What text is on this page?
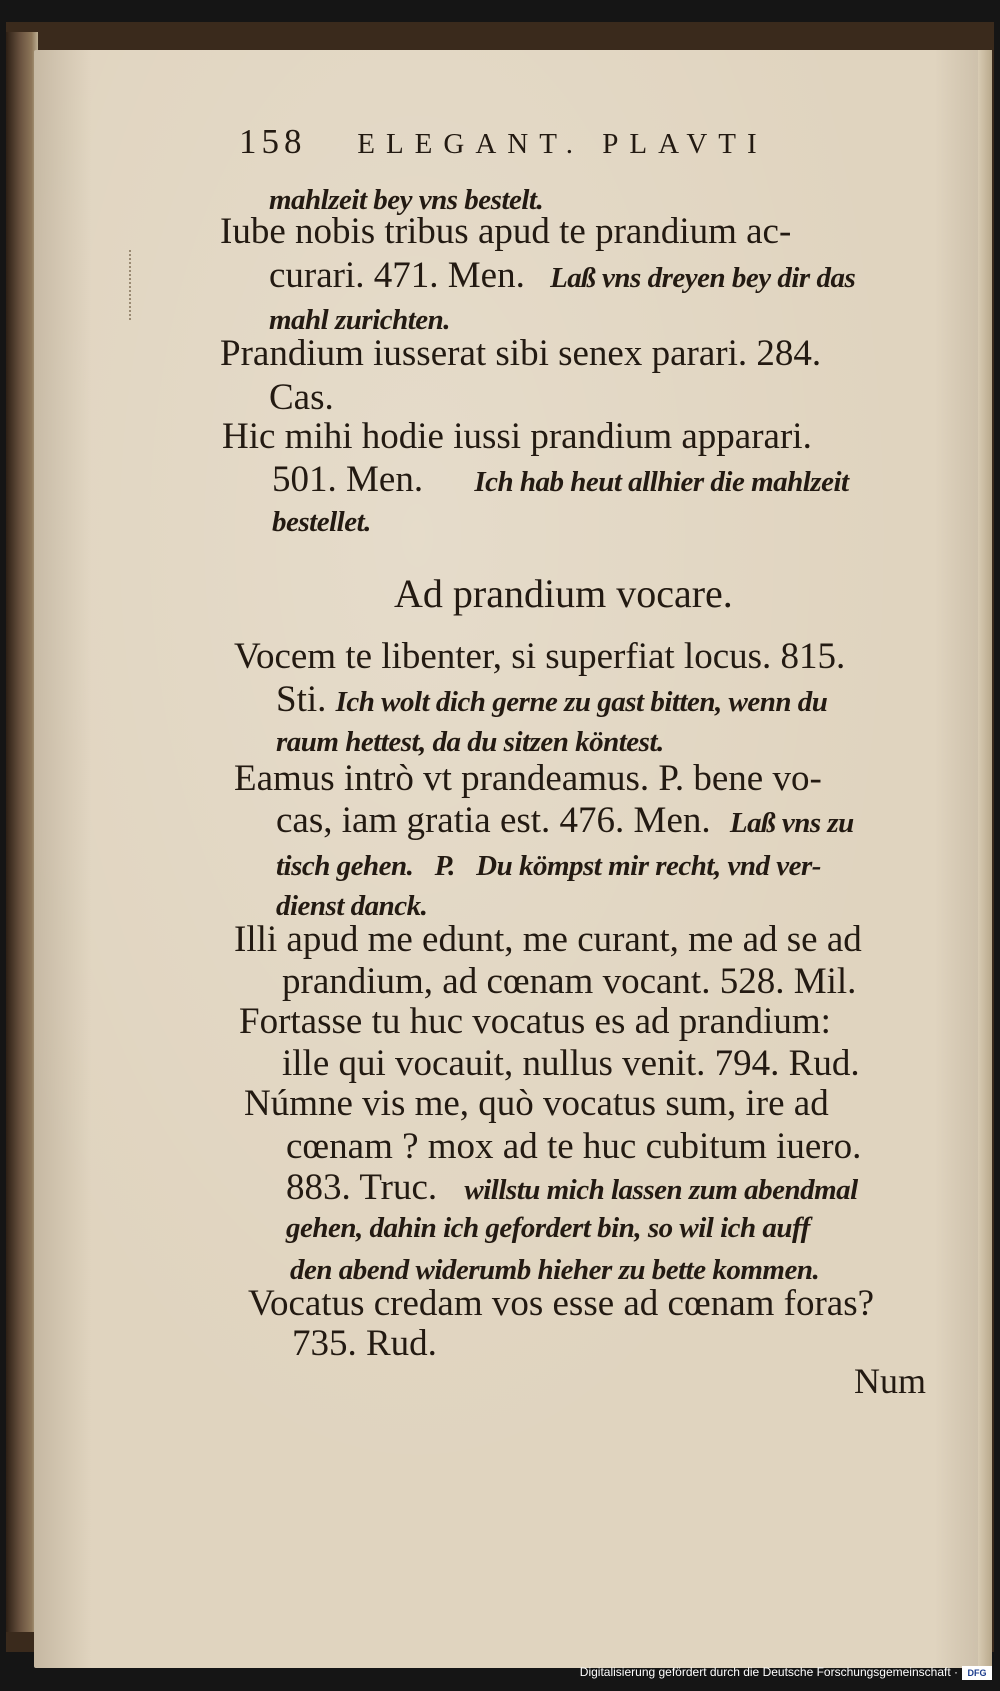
158 ELEGANT. PLAVTI
mahlzeit bey vns bestelt.
Iube nobis tribus apud te prandium ac-
curari. 471. Men. Laß vns dreyen bey dir das
mahl zurichten.
Prandium iusserat sibi senex parari. 284.
Cas.
Hic mihi hodie iussi prandium apparari.
501. Men. Ich hab heut allhier die mahlzeit
bestellet.
Ad prandium vocare.
Vocem te libenter, si superfiat locus. 815.
Sti. Ich wolt dich gerne zu gast bitten, wenn du
raum hettest, da du sitzen köntest.
Eamus intrò vt prandeamus. P. bene vo-
cas, iam gratia est. 476. Men. Laß vns zu
tisch gehen. P. Du kömpst mir recht, vnd ver-
dienst danck.
Illi apud me edunt, me curant, me ad se ad
prandium, ad cœnam vocant. 528. Mil.
Fortasse tu huc vocatus es ad prandium:
ille qui vocauit, nullus venit. 794. Rud.
Númne vis me, quò vocatus sum, ire ad
cœnam ? mox ad te huc cubitum iuero.
883. Truc. willstu mich lassen zum abendmal
gehen, dahin ich gefordert bin, so wil ich auff
den abend widerumb hieher zu bette kommen.
Vocatus credam vos esse ad cœnam foras?
735. Rud.
Num
Digitalisierung gefördert durch die Deutsche Forschungsgemeinschaft ·	DFG
